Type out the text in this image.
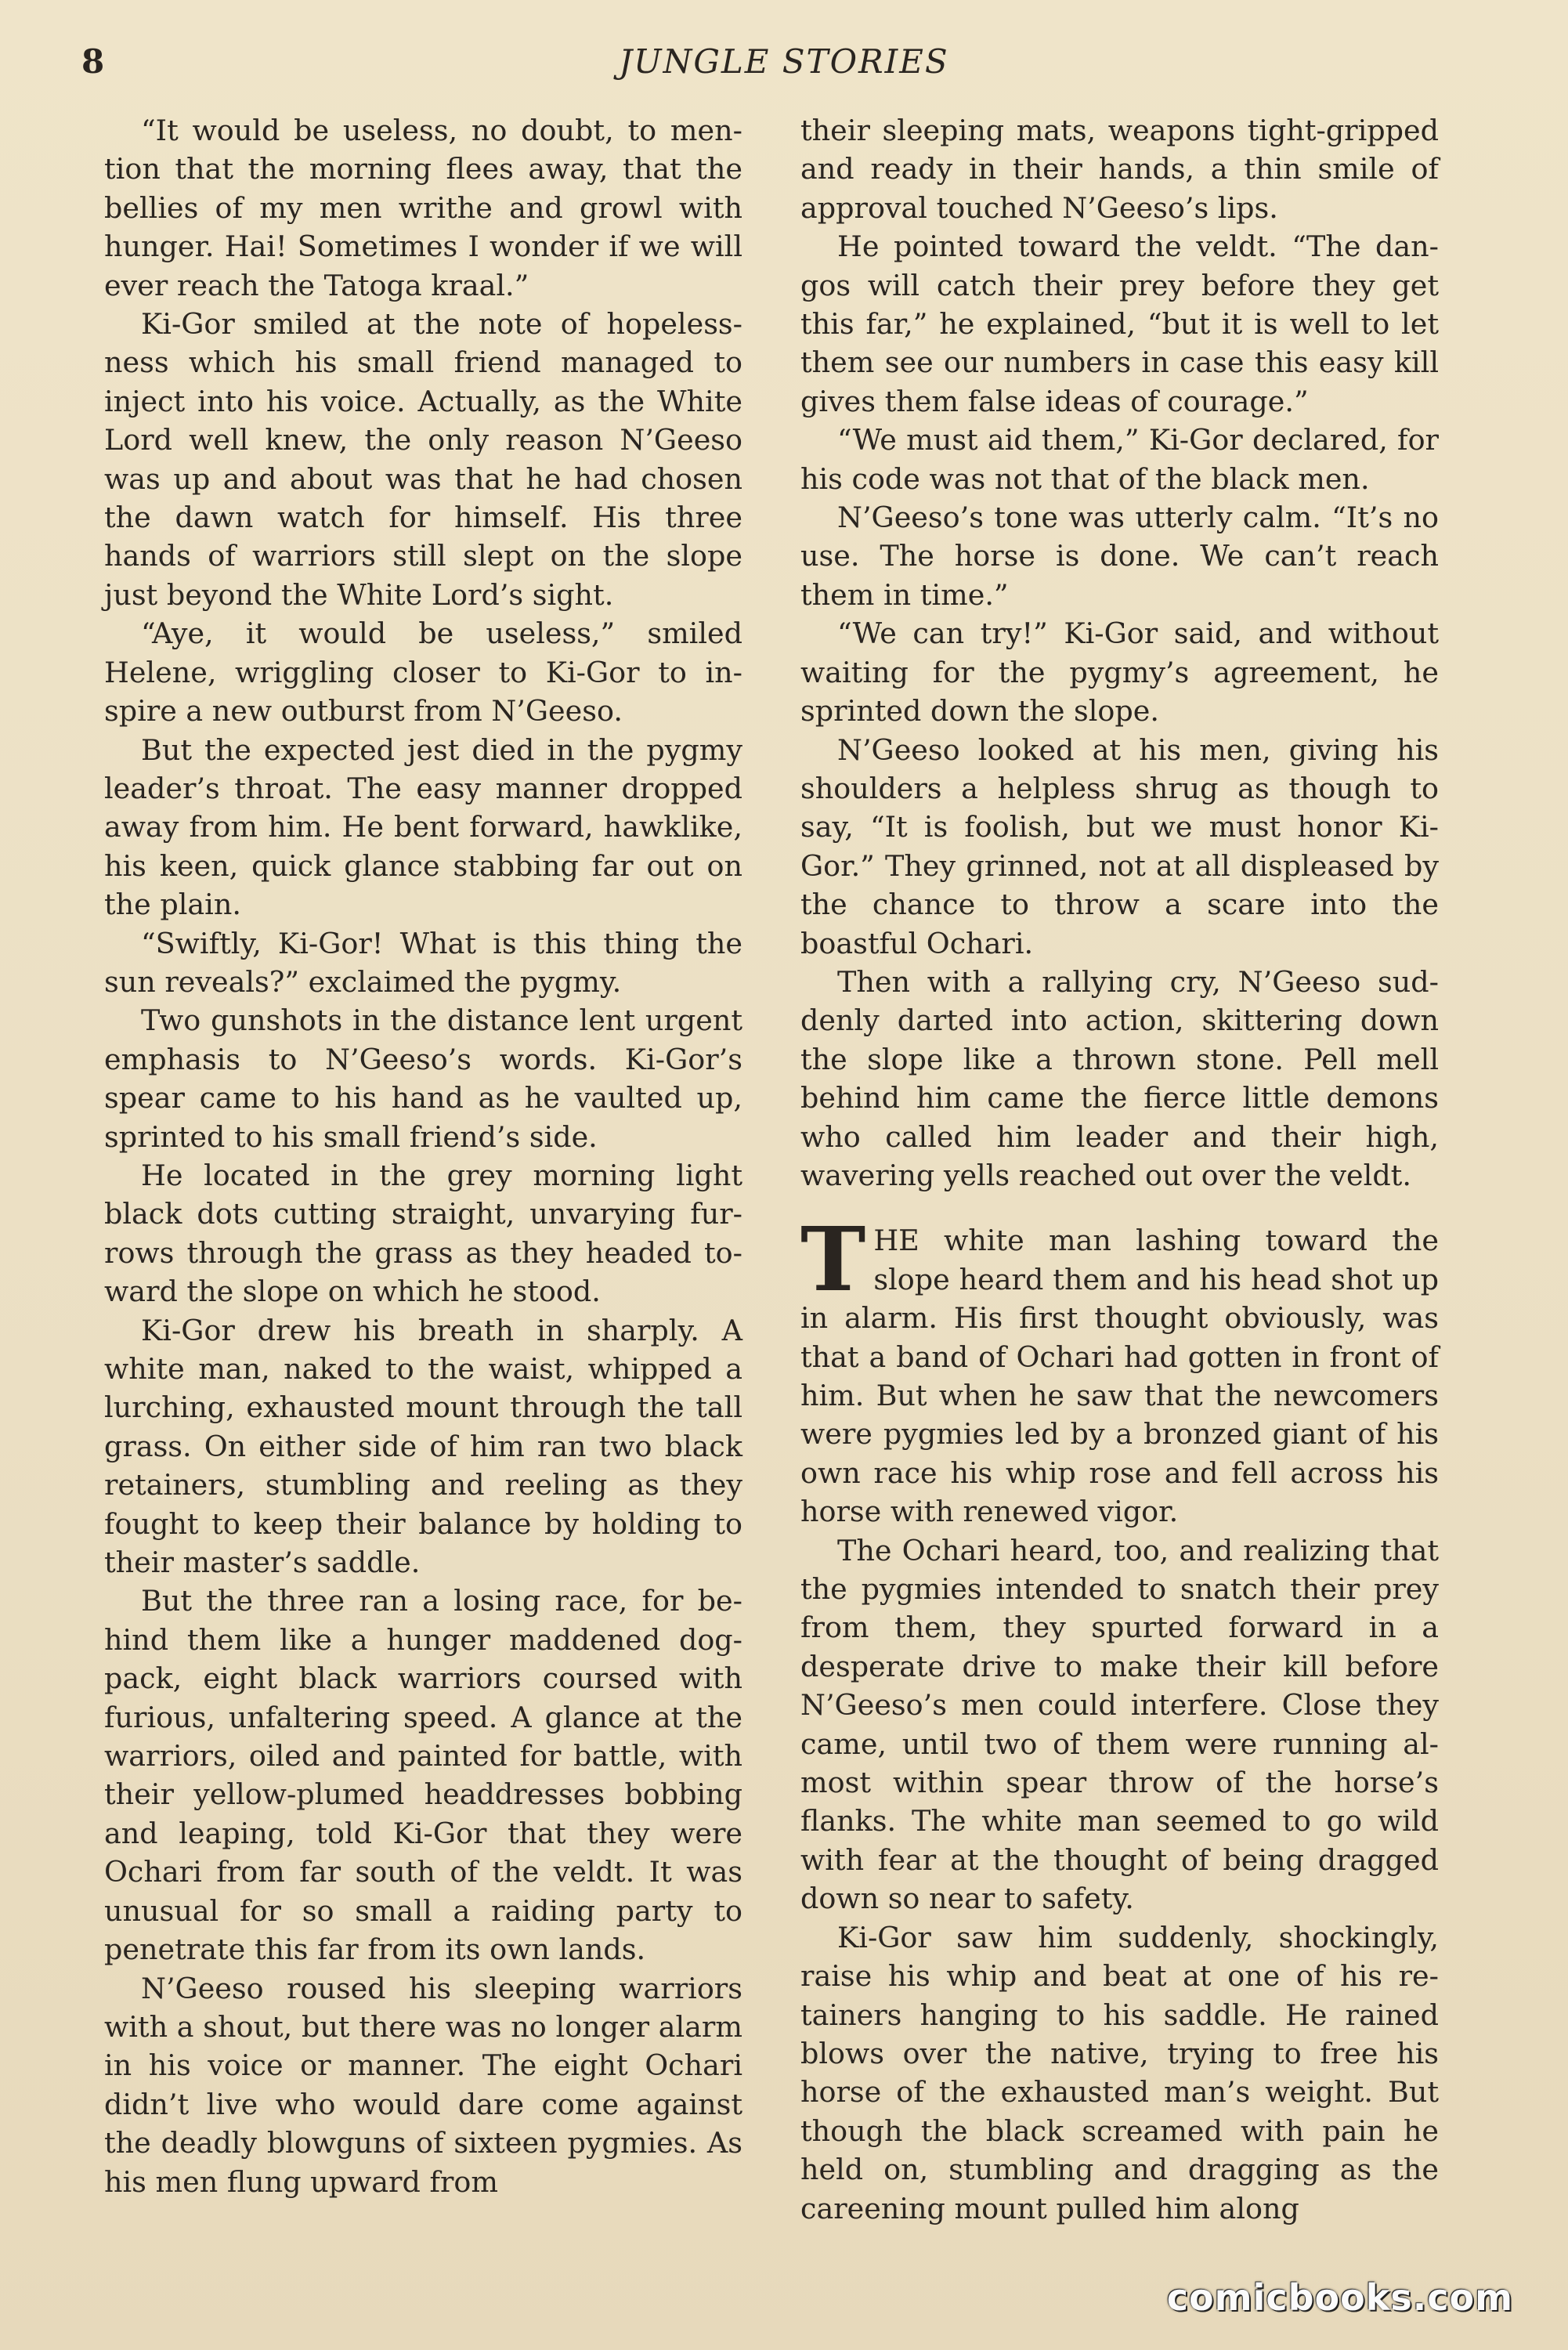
8	JUNGLE STORIES

“It would be useless, no doubt, to mention that the morning flees away, that the bellies of my men writhe and growl with hunger. Hai! Sometimes I wonder if we will ever reach the Tatoga kraal.”

Ki-Gor smiled at the note of hopelessness which his small friend managed to inject into his voice. Actually, as the White Lord well knew, the only reason N’Geeso was up and about was that he had chosen the dawn watch for himself. His three hands of warriors still slept on the slope just beyond the White Lord’s sight.

“Aye, it would be useless,” smiled Helene, wriggling closer to Ki-Gor to inspire a new outburst from N’Geeso.

But the expected jest died in the pygmy leader’s throat. The easy manner dropped away from him. He bent forward, hawklike, his keen, quick glance stabbing far out on the plain.

“Swiftly, Ki-Gor! What is this thing the sun reveals?” exclaimed the pygmy.

Two gunshots in the distance lent urgent emphasis to N’Geeso’s words. Ki-Gor’s spear came to his hand as he vaulted up, sprinted to his small friend’s side.

He located in the grey morning light black dots cutting straight, unvarying furrows through the grass as they headed toward the slope on which he stood.

Ki-Gor drew his breath in sharply. A white man, naked to the waist, whipped a lurching, exhausted mount through the tall grass. On either side of him ran two black retainers, stumbling and reeling as they fought to keep their balance by holding to their master’s saddle.

But the three ran a losing race, for behind them like a hunger maddened dog-pack, eight black warriors coursed with furious, unfaltering speed. A glance at the warriors, oiled and painted for battle, with their yellow-plumed headdresses bobbing and leaping, told Ki-Gor that they were Ochari from far south of the veldt. It was unusual for so small a raiding party to penetrate this far from its own lands.

N’Geeso roused his sleeping warriors with a shout, but there was no longer alarm in his voice or manner. The eight Ochari didn’t live who would dare come against the deadly blowguns of sixteen pygmies. As his men flung upward from

their sleeping mats, weapons tight-gripped and ready in their hands, a thin smile of approval touched N’Geeso’s lips.

He pointed toward the veldt. “The dangos will catch their prey before they get this far,” he explained, “but it is well to let them see our numbers in case this easy kill gives them false ideas of courage.”

“We must aid them,” Ki-Gor declared, for his code was not that of the black men.

N’Geeso’s tone was utterly calm. “It’s no use. The horse is done. We can’t reach them in time.”

“We can try!” Ki-Gor said, and without waiting for the pygmy’s agreement, he sprinted down the slope.

N’Geeso looked at his men, giving his shoulders a helpless shrug as though to say, “It is foolish, but we must honor Ki-Gor.” They grinned, not at all displeased by the chance to throw a scare into the boastful Ochari.

Then with a rallying cry, N’Geeso suddenly darted into action, skittering down the slope like a thrown stone. Pell mell behind him came the fierce little demons who called him leader and their high, wavering yells reached out over the veldt.

THE white man lashing toward the slope heard them and his head shot up in alarm. His first thought obviously, was that a band of Ochari had gotten in front of him. But when he saw that the newcomers were pygmies led by a bronzed giant of his own race his whip rose and fell across his horse with renewed vigor.

The Ochari heard, too, and realizing that the pygmies intended to snatch their prey from them, they spurted forward in a desperate drive to make their kill before N’Geeso’s men could interfere. Close they came, until two of them were running almost within spear throw of the horse’s flanks. The white man seemed to go wild with fear at the thought of being dragged down so near to safety.

Ki-Gor saw him suddenly, shockingly, raise his whip and beat at one of his retainers hanging to his saddle. He rained blows over the native, trying to free his horse of the exhausted man’s weight. But though the black screamed with pain he held on, stumbling and dragging as the careening mount pulled him along

comicbooks.com
